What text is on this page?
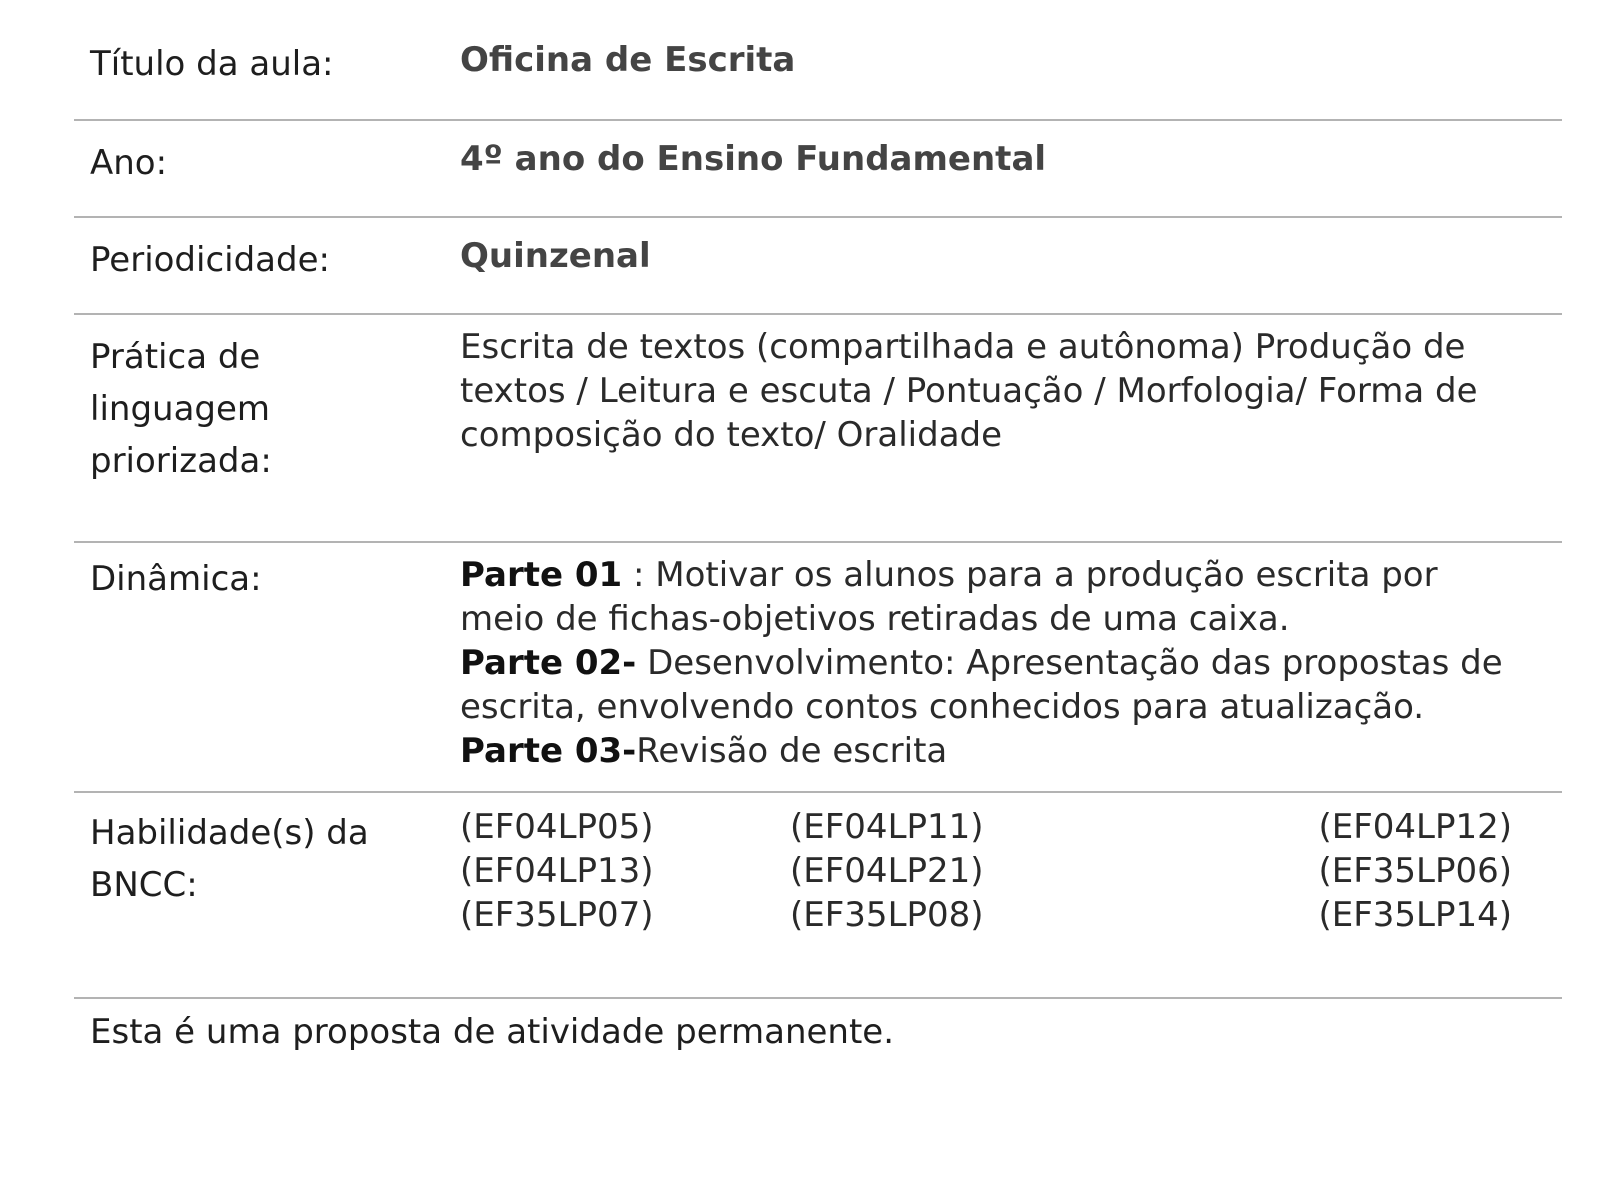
Título da aula:	Oficina de Escrita
Ano:	4º ano do Ensino Fundamental
Periodicidade:	Quinzenal
Prática de linguagem priorizada:
Escrita de textos (compartilhada e autônoma) Produção de textos / Leitura e escuta / Pontuação / Morfologia/ Forma de composição do texto/ Oralidade
Dinâmica:	Parte 01 : Motivar os alunos para a produção escrita por meio de fichas-objetivos retiradas de uma caixa.
Parte 02- Desenvolvimento: Apresentação das propostas de escrita, envolvendo contos conhecidos para atualização.
Parte 03-Revisão de escrita
Habilidade(s) da BNCC:
(EF04LP05)	(EF04LP11)	(EF04LP12)
(EF04LP13)	(EF04LP21)	(EF35LP06)
(EF35LP07)	(EF35LP08)	(EF35LP14)
Esta é uma proposta de atividade permanente.
